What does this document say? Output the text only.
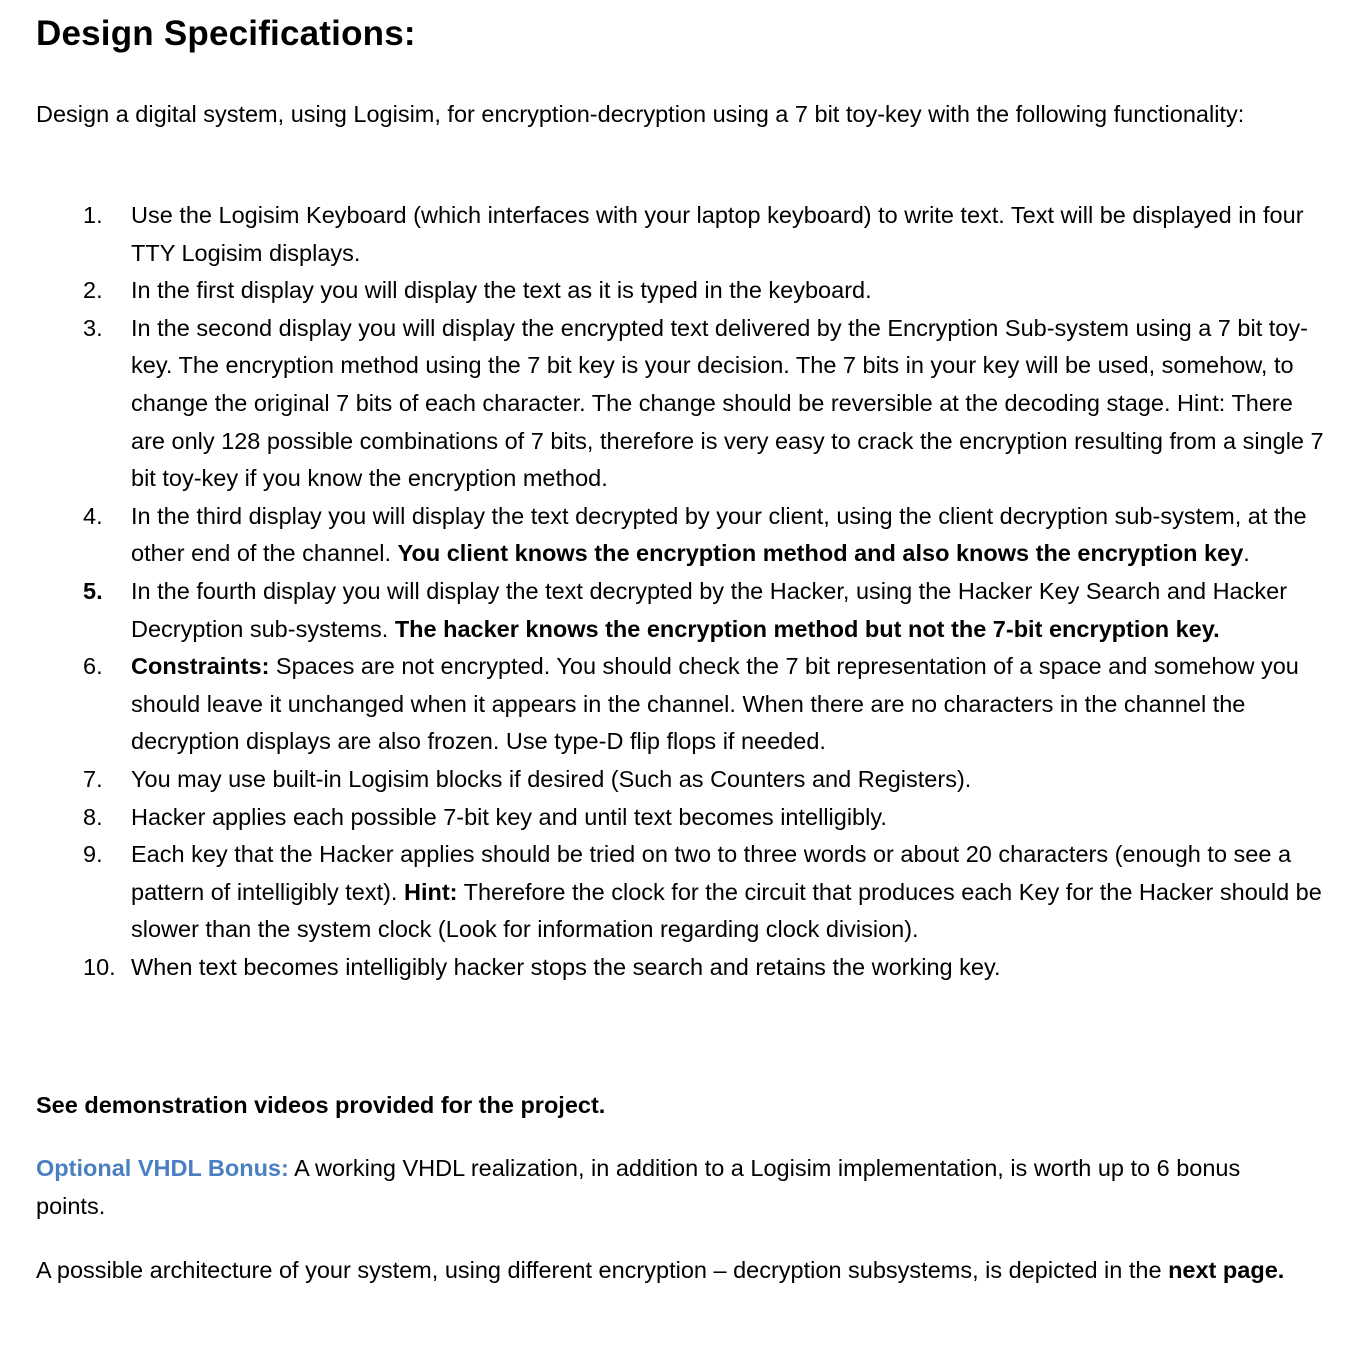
Design Specifications:

Design a digital system, using Logisim, for encryption-decryption using a 7 bit toy-key with the following functionality:

1. Use the Logisim Keyboard (which interfaces with your laptop keyboard) to write text. Text will be displayed in four TTY Logisim displays.
2. In the first display you will display the text as it is typed in the keyboard.
3. In the second display you will display the encrypted text delivered by the Encryption Sub-system using a 7 bit toy-key. The encryption method using the 7 bit key is your decision. The 7 bits in your key will be used, somehow, to change the original 7 bits of each character. The change should be reversible at the decoding stage. Hint: There are only 128 possible combinations of 7 bits, therefore is very easy to crack the encryption resulting from a single 7 bit toy-key if you know the encryption method.
4. In the third display you will display the text decrypted by your client, using the client decryption sub-system, at the other end of the channel. You client knows the encryption method and also knows the encryption key.
5. In the fourth display you will display the text decrypted by the Hacker, using the Hacker Key Search and Hacker Decryption sub-systems. The hacker knows the encryption method but not the 7-bit encryption key.
6. Constraints: Spaces are not encrypted. You should check the 7 bit representation of a space and somehow you should leave it unchanged when it appears in the channel. When there are no characters in the channel the decryption displays are also frozen. Use type-D flip flops if needed.
7. You may use built-in Logisim blocks if desired (Such as Counters and Registers).
8. Hacker applies each possible 7-bit key and until text becomes intelligibly.
9. Each key that the Hacker applies should be tried on two to three words or about 20 characters (enough to see a pattern of intelligibly text). Hint: Therefore the clock for the circuit that produces each Key for the Hacker should be slower than the system clock (Look for information regarding clock division).
10. When text becomes intelligibly hacker stops the search and retains the working key.

See demonstration videos provided for the project.

Optional VHDL Bonus: A working VHDL realization, in addition to a Logisim implementation, is worth up to 6 bonus points.

A possible architecture of your system, using different encryption – decryption subsystems, is depicted in the next page.
